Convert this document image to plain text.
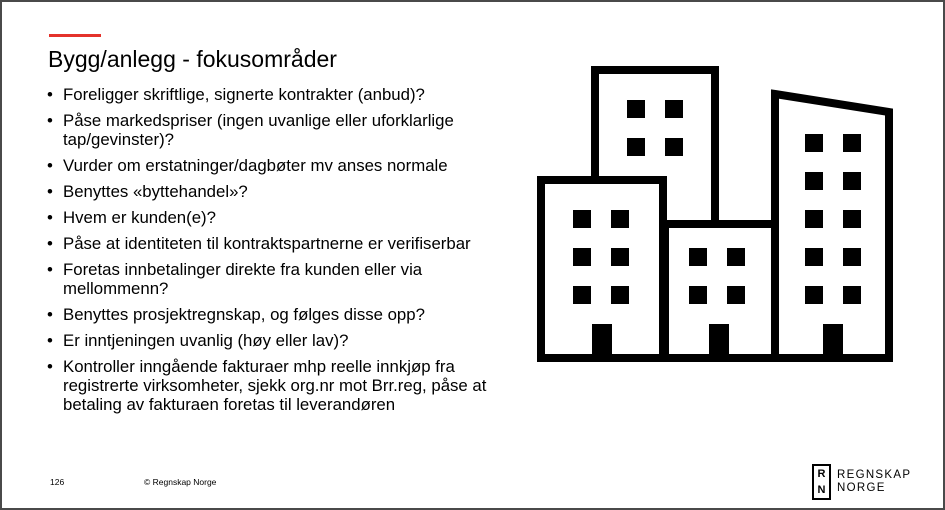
Bygg/anlegg - fokusområder
• Foreligger skriftlige, signerte kontrakter (anbud)?
• Påse markedspriser (ingen uvanlige eller uforklarlige tap/gevinster)?
• Vurder om erstatninger/dagbøter mv anses normale
• Benyttes «byttehandel»?
• Hvem er kunden(e)?
• Påse at identiteten til kontraktspartnerne er verifiserbar
• Foretas innbetalinger direkte fra kunden eller via mellommenn?
• Benyttes prosjektregnskap, og følges disse opp?
• Er inntjeningen uvanlig (høy eller lav)?
• Kontroller inngående fakturaer mhp reelle innkjøp fra registrerte virksomheter, sjekk org.nr mot Brr.reg, påse at betaling av fakturaen foretas til leverandøren
126	© Regnskap Norge
R
N
REGNSKAP
NORGE
